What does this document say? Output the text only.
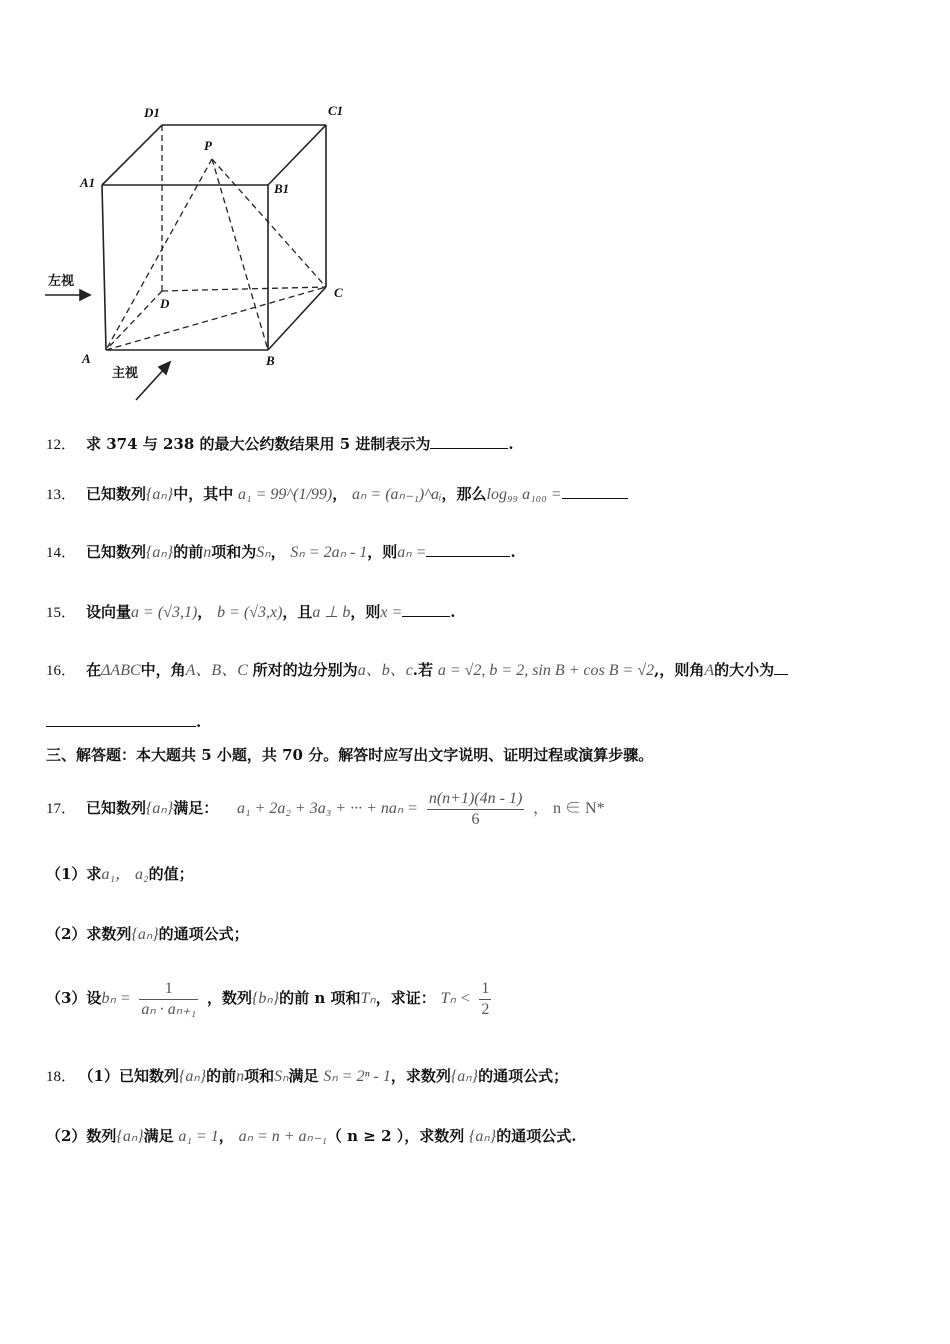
D1	C1
P
A1	B1
D
C
A	B
左视
主视
12． 求 374 与 238 的最大公约数结果用 5 进制表示为	.
13． 已知数列{aₙ}中，其中 a₁ = 99^(1/99)， aₙ = (aₙ₋₁)^aᵢ，那么log₉₉ a₁₀₀ =
14． 已知数列{aₙ}的前n项和为Sₙ， Sₙ = 2aₙ - 1，则aₙ =	.
15． 设向量a = (√3,1)， b = (√3,x)，且a ⊥ b，则x =	.
16． 在ΔABC中，角A、B、C 所对的边分别为a、b、c.若 a = √2, b = 2, sin B + cos B = √2,，则角A的大小为
.
三、解答题：本大题共 5 小题，共 70 分。解答时应写出文字说明、证明过程或演算步骤。
17． 已知数列{aₙ}满足： a₁ + 2a₂ + 3a₃ + ··· + $na_n = \frac{n(n+1)(4n - 1)}{6}$ ， n ∈ N*
（1）求a₁， a₂的值；
（2）求数列{aₙ}的通项公式；
（3）设$b_n = \frac{1}{\text{aₙ · aₙ₊₁}}$ ，数列{bₙ}的前 n 项和Tₙ，求证： $T_n < \frac{1}{2}$
18． （1）已知数列{aₙ}的前n项和Sₙ满足 Sₙ = 2ⁿ - 1，求数列{aₙ}的通项公式；
（2）数列{aₙ}满足 a₁ = 1， aₙ = n + aₙ₋₁（ n ≥ 2 ），求数列 {aₙ}的通项公式.
